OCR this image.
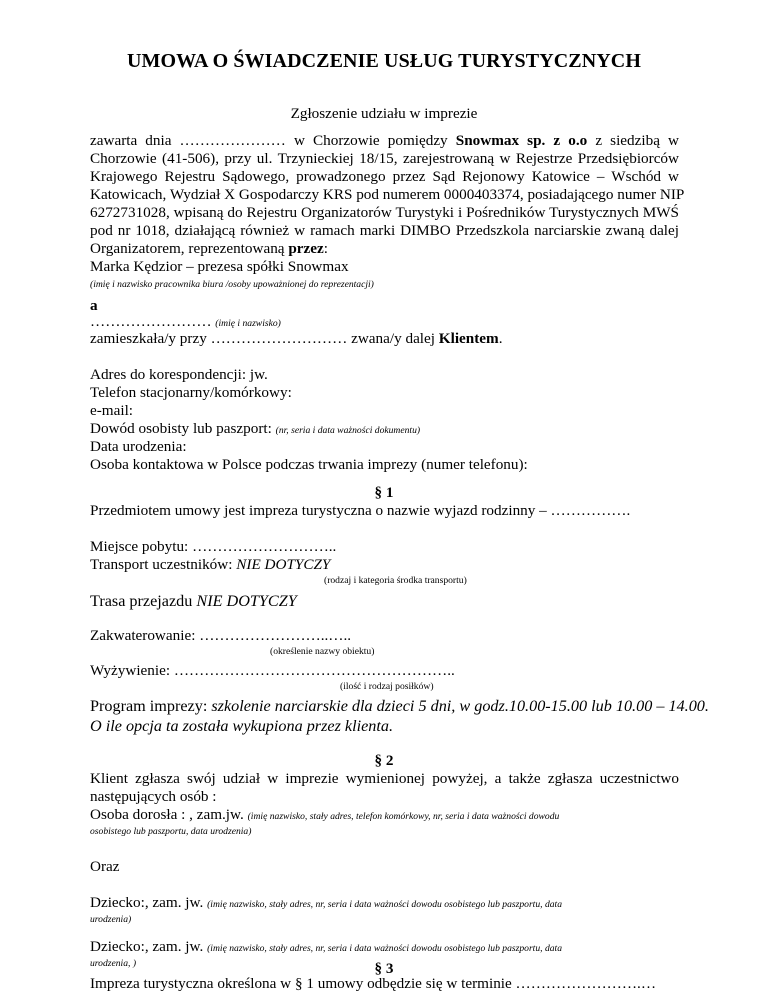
UMOWA O ŚWIADCZENIE USŁUG TURYSTYCZNYCH
Zgłoszenie udziału w imprezie
zawarta dnia ………………… w Chorzowie pomiędzy Snowmax sp. z o.o z siedzibą w
Chorzowie (41-506), przy ul. Trzynieckiej 18/15, zarejestrowaną w Rejestrze Przedsiębiorców
Krajowego Rejestru Sądowego, prowadzonego przez Sąd Rejonowy Katowice – Wschód w
Katowicach, Wydział X Gospodarczy KRS pod numerem 0000403374, posiadającego numer NIP
6272731028, wpisaną do Rejestru Organizatorów Turystyki i Pośredników Turystycznych MWŚ
pod nr 1018, działającą również w ramach marki DIMBO Przedszkola narciarskie zwaną dalej
Organizatorem, reprezentowaną przez:
Marka Kędzior – prezesa spółki Snowmax
(imię i nazwisko pracownika biura /osoby upoważnionej do reprezentacji)
a
…………………… (imię i nazwisko)
zamieszkała/y przy ……………………… zwana/y dalej Klientem.
Adres do korespondencji: jw.
Telefon stacjonarny/komórkowy:
e-mail:
Dowód osobisty lub paszport: (nr, seria i data ważności dokumentu)
Data urodzenia:
Osoba kontaktowa w Polsce podczas trwania imprezy (numer telefonu):
§ 1
Przedmiotem umowy jest impreza turystyczna o nazwie wyjazd rodzinny – …………….
Miejsce pobytu: ………………………..
Transport uczestników: NIE DOTYCZY
(rodzaj i kategoria środka transportu)
Trasa przejazdu NIE DOTYCZY
Zakwaterowanie: ……………………..…..
(określenie nazwy obiektu)
Wyżywienie: ………………………………………………..
(ilość i rodzaj posiłków)
Program imprezy: szkolenie narciarskie dla dzieci 5 dni, w godz.10.00-15.00 lub 10.00 – 14.00.
O ile opcja ta została wykupiona przez klienta.
§ 2
Klient zgłasza swój udział w imprezie wymienionej powyżej, a także zgłasza uczestnictwo
następujących osób :
Osoba dorosła : , zam.jw. (imię nazwisko, stały adres, telefon komórkowy, nr, seria i data ważności dowodu
osobistego lub paszportu, data urodzenia)
Oraz
Dziecko:, zam. jw. (imię nazwisko, stały adres, nr, seria i data ważności dowodu osobistego lub paszportu, data
urodzenia)
Dziecko:, zam. jw. (imię nazwisko, stały adres, nr, seria i data ważności dowodu osobistego lub paszportu, data
urodzenia, )	§ 3
Impreza turystyczna określona w § 1 umowy odbędzie się w terminie …………………….…
